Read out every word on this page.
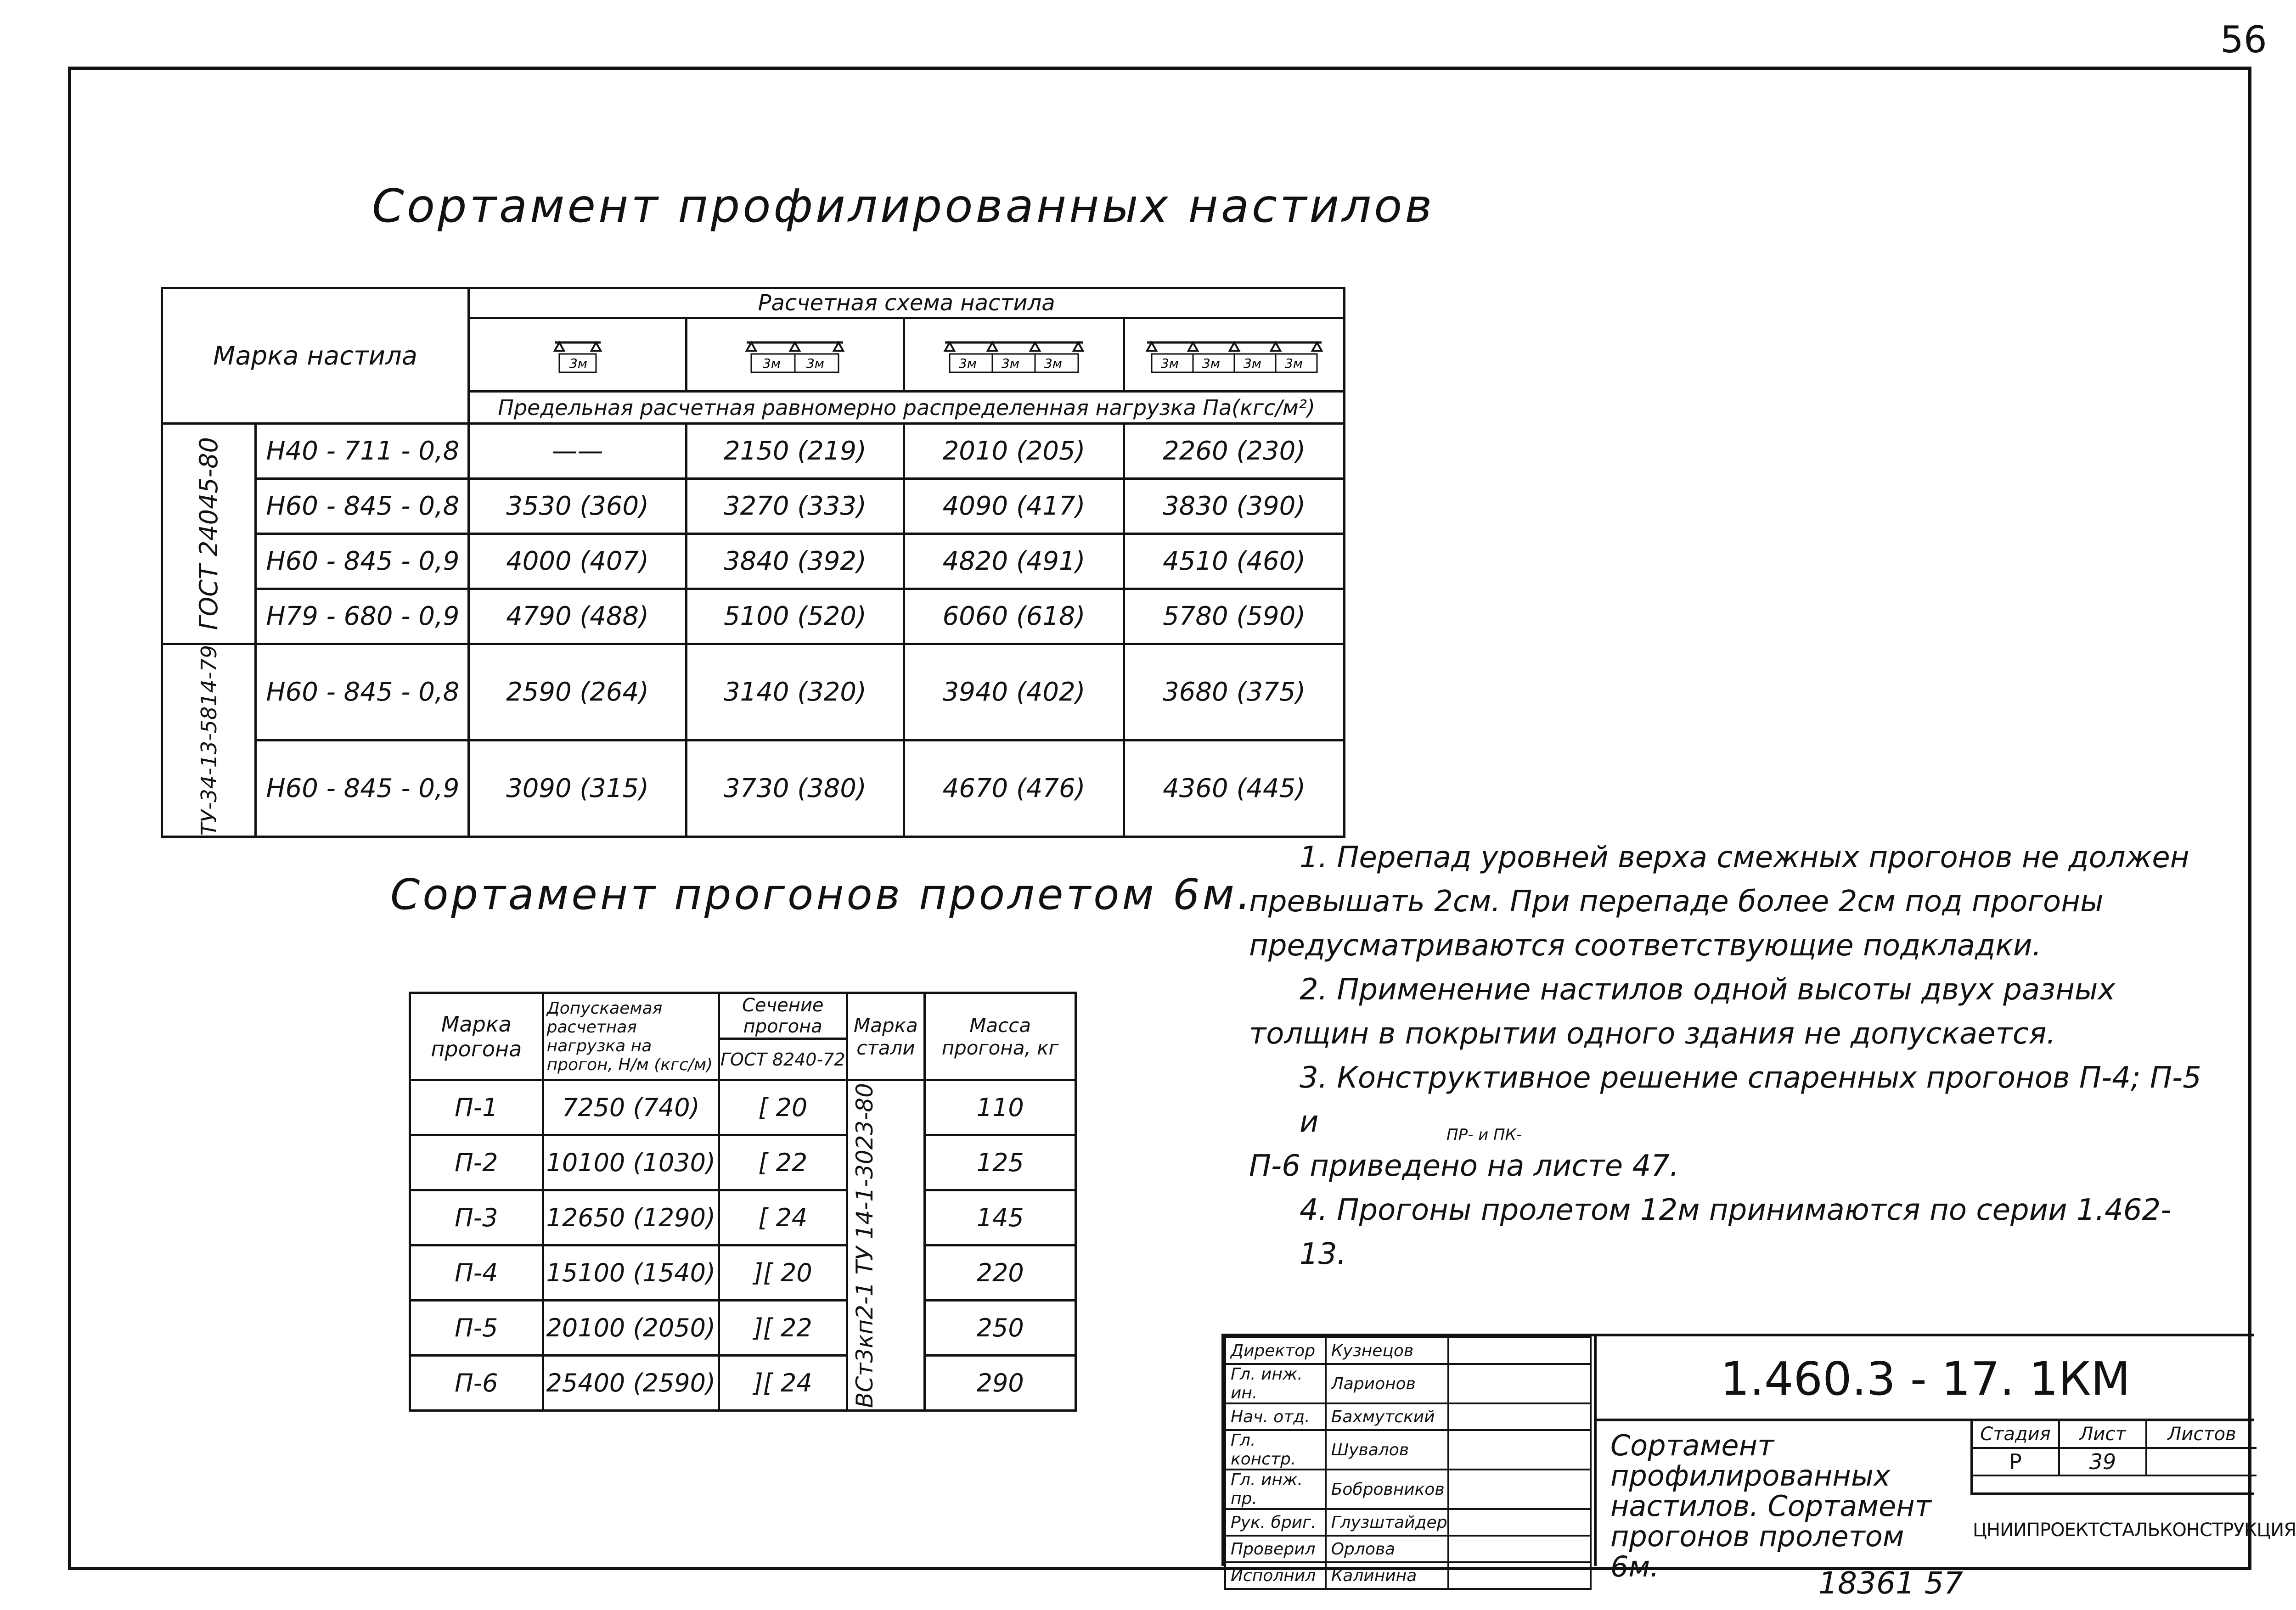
56
Сортамент профилированных настилов
Марка настила		Расчетная схема настила			

3м	3м 3м	3м 3м 3м	3м 3м 3м 3м

		Предельная расчетная равномерно распределенная нагрузка Па(кгс/м²)			

ГОСТ 24045-80	Н40 - 711 - 0,8	——	2150 (219)	2010 (205)	2260 (230)
	Н60 - 845 - 0,8	3530 (360)	3270 (333)	4090 (417)	3830 (390)
	Н60 - 845 - 0,9	4000 (407)	3840 (392)	4820 (491)	4510 (460)
	Н79 - 680 - 0,9	4790 (488)	5100 (520)	6060 (618)	5780 (590)

ТУ-34-13-5814-79	Н60 - 845 - 0,8	2590 (264)	3140 (320)	3940 (402)	3680 (375)
	Н60 - 845 - 0,9	3090 (315)	3730 (380)	4670 (476)	4360 (445)
Сортамент прогонов пролетом 6м.
Марка прогона	Допускаемая расчетная нагрузка на прогон, Н/м (кгс/м)	Сечение прогона	Марка стали	Масса прогона, кг
		ГОСТ 8240-72		
П-1	7250 (740)	[ 20	ВСт3кп2-1 ТУ 14-1-3023-80	110
П-2	10100 (1030)	[ 22		125
П-3	12650 (1290)	[ 24		145
П-4	15100 (1540)	][ 20		220
П-5	20100 (2050)	][ 22		250
П-6	25400 (2590)	][ 24		290
1. Перепад уровней верха смежных прогонов не должен
превышать 2см. При перепаде более 2см под прогоны
предусматриваются соответствующие подкладки.
2. Применение настилов одной высоты двух разных
толщин в покрытии одного здания не допускается.
3. Конструктивное решение спаренных прогонов П-4; П-5 и
П-6 приведено на листе 47.
4. Прогоны пролетом 12м принимаются по серии 1.462-13.
ПР- и ПК-
Директор	Кузнецов	
Гл. инж. ин.	Ларионов	
Нач. отд.	Бахмутский	
Гл. констр.	Шувалов	
Гл. инж. пр.	Бобровников	
Рук. бриг.	Глузштайдер	
Проверил	Орлова	
Исполнил	Калинина	
1.460.3 - 17. 1КМ
Сортамент профилированных настилов. Сортамент прогонов пролетом 6м.
Стадия	Лист	Листов
Р	39
ЦНИИПРОЕКТСТАЛЬКОНСТРУКЦИЯ
18361 57
